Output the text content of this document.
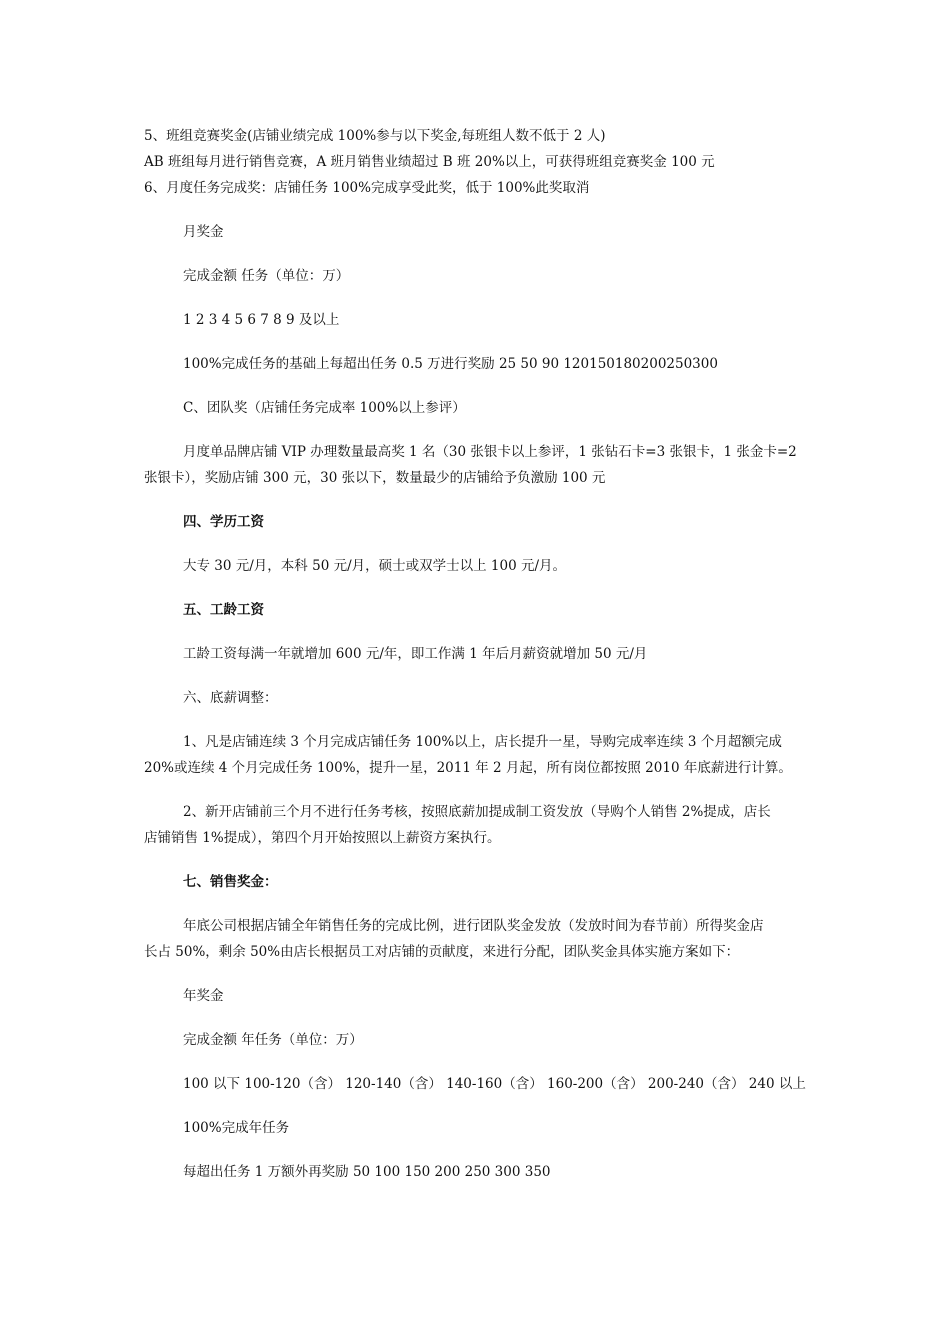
5、班组竞赛奖金(店铺业绩完成 100%参与以下奖金,每班组人数不低于 2 人)

AB 班组每月进行销售竞赛，A 班月销售业绩超过 B 班 20%以上，可获得班组竞赛奖金 100 元

6、月度任务完成奖：店铺任务 100%完成享受此奖，低于 100%此奖取消

月奖金

完成金额 任务（单位：万）

1 2 3 4 5 6 7 8 9 及以上

100%完成任务的基础上每超出任务 0.5 万进行奖励 25 50 90 120150180200250300

C、团队奖（店铺任务完成率 100%以上参评）

月度单品牌店铺 VIP 办理数量最高奖 1 名（30 张银卡以上参评，1 张钻石卡=3 张银卡，1 张金卡=2

张银卡），奖励店铺 300 元，30 张以下，数量最少的店铺给予负激励 100 元

四、学历工资

大专 30 元/月，本科 50 元/月，硕士或双学士以上 100 元/月。

五、工龄工资

工龄工资每满一年就增加 600 元/年，即工作满 1 年后月薪资就增加 50 元/月

六、底薪调整：

1、凡是店铺连续 3 个月完成店铺任务 100%以上，店长提升一星，导购完成率连续 3 个月超额完成

20%或连续 4 个月完成任务 100%，提升一星，2011 年 2 月起，所有岗位都按照 2010 年底薪进行计算。

2、新开店铺前三个月不进行任务考核，按照底薪加提成制工资发放（导购个人销售 2%提成，店长

店铺销售 1%提成），第四个月开始按照以上薪资方案执行。

七、销售奖金：

年底公司根据店铺全年销售任务的完成比例，进行团队奖金发放（发放时间为春节前）所得奖金店

长占 50%，剩余 50%由店长根据员工对店铺的贡献度，来进行分配，团队奖金具体实施方案如下：

年奖金

完成金额 年任务（单位：万）

100 以下 100-120（含） 120-140（含） 140-160（含） 160-200（含） 200-240（含） 240 以上

100%完成年任务

每超出任务 1 万额外再奖励 50 100 150 200 250 300 350
